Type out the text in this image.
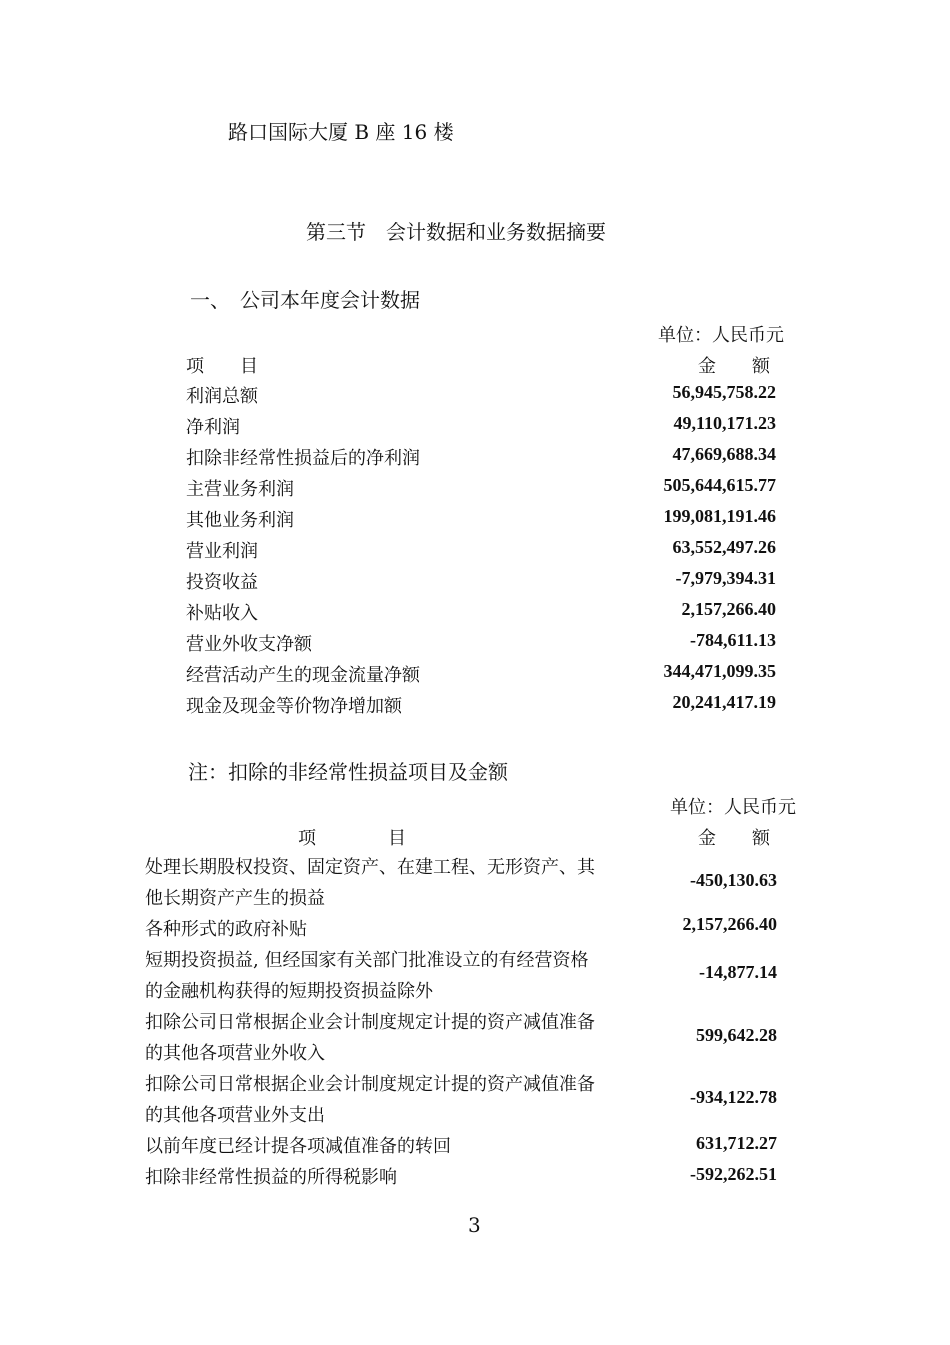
路口国际大厦 B 座 16 楼
第三节　会计数据和业务数据摘要
一、　公司本年度会计数据
单位：人民币元
项　　目	金　　额
利润总额	56,945,758.22
净利润	49,110,171.23
扣除非经常性损益后的净利润	47,669,688.34
主营业务利润	505,644,615.77
其他业务利润	199,081,191.46
营业利润	63,552,497.26
投资收益	-7,979,394.31
补贴收入	2,157,266.40
营业外收支净额	-784,611.13
经营活动产生的现金流量净额	344,471,099.35
现金及现金等价物净增加额	20,241,417.19
注：扣除的非经常性损益项目及金额
单位：人民币元
项　　　　目	金　　额
处理长期股权投资、固定资产、在建工程、无形资产、其他长期资产产生的损益
-450,130.63
各种形式的政府补贴	2,157,266.40
短期投资损益, 但经国家有关部门批准设立的有经营资格的金融机构获得的短期投资损益除外
-14,877.14
扣除公司日常根据企业会计制度规定计提的资产减值准备的其他各项营业外收入
599,642.28
扣除公司日常根据企业会计制度规定计提的资产减值准备的其他各项营业外支出
-934,122.78
以前年度已经计提各项减值准备的转回	631,712.27
扣除非经常性损益的所得税影响	-592,262.51
3
